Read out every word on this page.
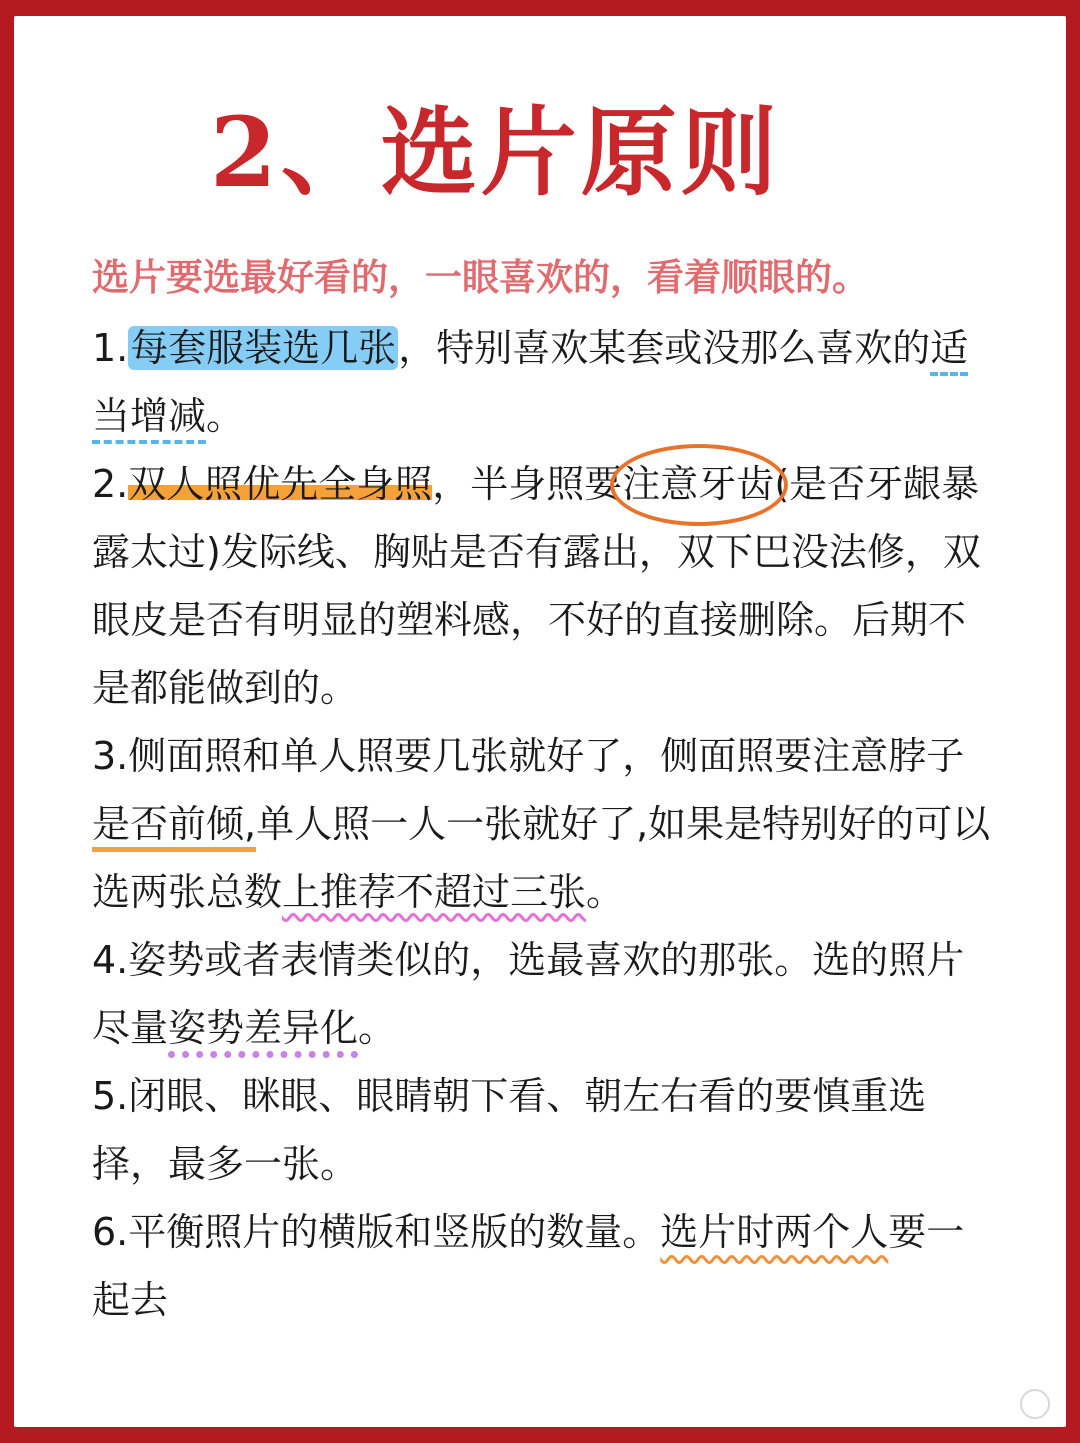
2、选片原则

选片要选最好看的，一眼喜欢的，看着顺眼的。

1.每套服装选几张，特别喜欢某套或没那么喜欢的适当增减。

2.双人照优先全身照，半身照要注意牙齿(是否牙龈暴露太过)发际线、胸贴是否有露出，双下巴没法修，双眼皮是否有明显的塑料感，不好的直接删除。后期不是都能做到的。

3.侧面照和单人照要几张就好了，侧面照要注意脖子是否前倾,单人照一人一张就好了,如果是特别好的可以选两张总数上推荐不超过三张。

4.姿势或者表情类似的，选最喜欢的那张。选的照片尽量姿势差异化。

5.闭眼、眯眼、眼睛朝下看、朝左右看的要慎重选择，最多一张。

6.平衡照片的横版和竖版的数量。选片时两个人要一起去
